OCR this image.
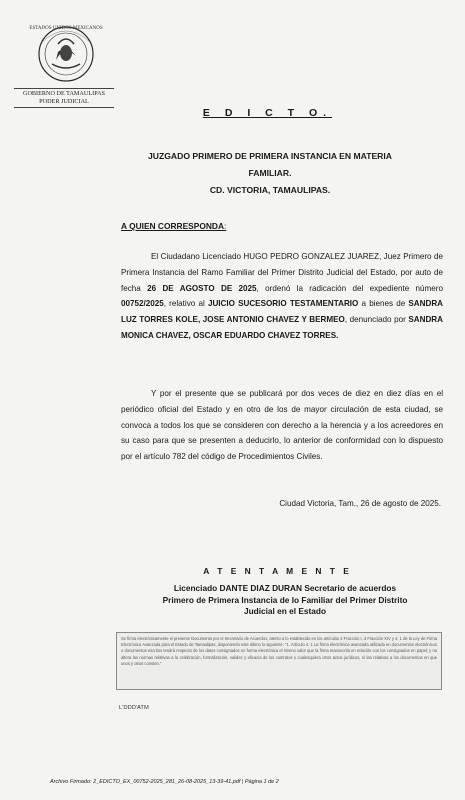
ESTADOS UNIDOS MEXICANOS
GOBIERNO DE TAMAULIPAS
PODER JUDICIAL
E D I C T O.
JUZGADO PRIMERO DE PRIMERA INSTANCIA EN MATERIA
FAMILIAR.
CD. VICTORIA, TAMAULIPAS.
A QUIEN CORRESPONDA:
El Ciudadano Licenciado HUGO PEDRO GONZALEZ JUAREZ, Juez Primero de Primera Instancia del Ramo Familiar del Primer Distrito Judicial del Estado, por auto de fecha 26 DE AGOSTO DE 2025, ordenó la radicación del expediente número 00752/2025, relativo al JUICIO SUCESORIO TESTAMENTARIO a bienes de SANDRA LUZ TORRES KOLE, JOSE ANTONIO CHAVEZ Y BERMEO, denunciado por SANDRA MONICA CHAVEZ, OSCAR EDUARDO CHAVEZ TORRES.
Y por el presente que se publicará por dos veces de diez en diez días en el periódico oficial del Estado y en otro de los de mayor circulación de esta ciudad, se convoca a todos los que se consideren con derecho a la herencia y a los acreedores en su caso para que se presenten a deducirlo, lo anterior de conformidad con lo dispuesto por el artículo 782 del código de Procedimientos Civiles.
Ciudad Victoria, Tam., 26 de agosto de 2025.
A T E N T A M E N T E
Licenciado DANTE DIAZ DURAN Secretario de acuerdos
Primero de Primera Instancia de lo Familiar del Primer Distrito
Judicial en el Estado
Se firma electrónicamente el presente Documento por el Secretario de Acuerdos, atento a lo establecido en los artículos 2 Fracción I, 3 Fracción XIV y 4, 1 de la Ley de Firma Electrónica Avanzada para el Estado de Tamaulipas, disponiendo este último lo siguiente: "1. Artículo 4. 1 La firma electrónica avanzada utilizada en documentos electrónicos o documentos escritos tendrá respecto de los datos consignados en forma electrónica el mismo valor que la firma manuscrita en relación con los consignados en papel; y no altera las normas relativas a la celebración, formalización, validez y eficacia de los contratos y cualesquiera otros actos jurídicos, ni las relativas a los documentos en que unos y otros consten."
L'DDD'ATM
Archivo Firmado: 2_EDICTO_EX_00752-2025_281_26-08-2025_13-39-41.pdf | Página 1 de 2
